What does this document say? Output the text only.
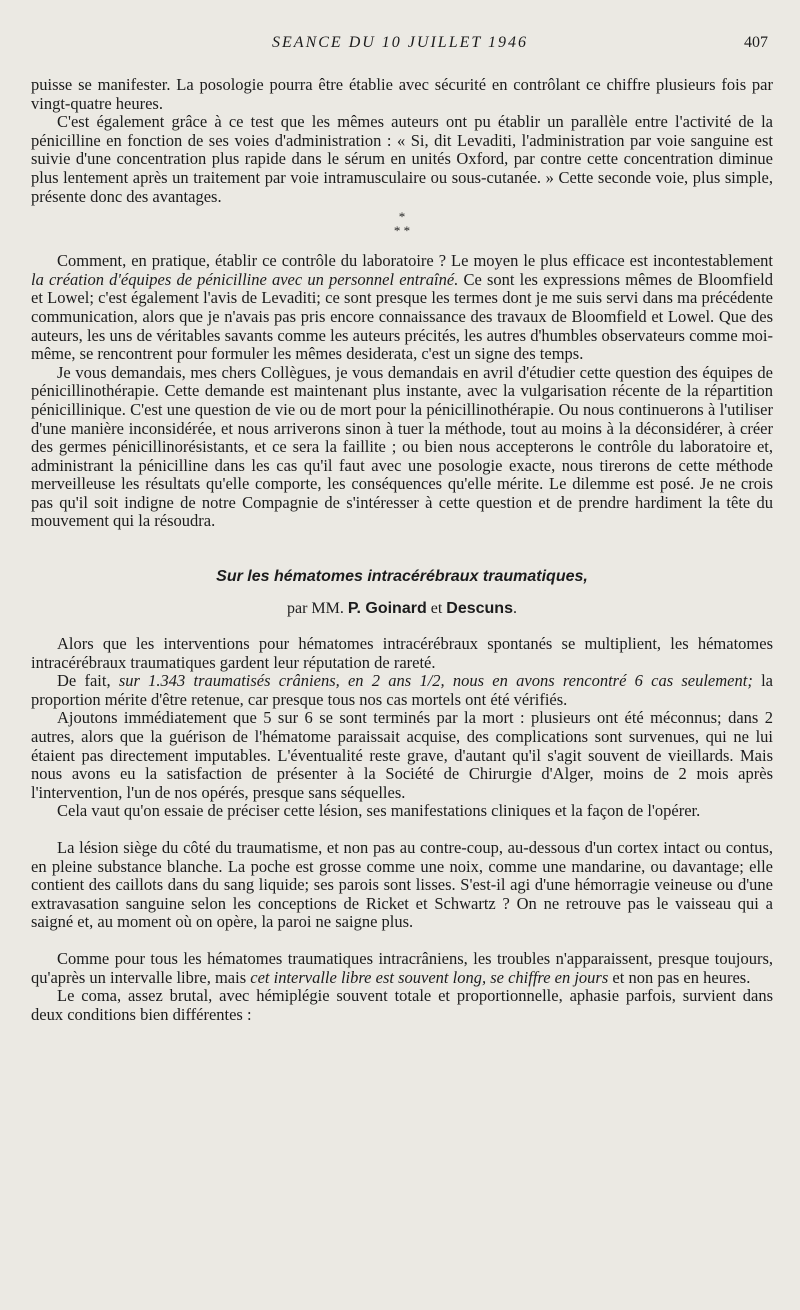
SEANCE DU 10 JUILLET 1946	407

puisse se manifester. La posologie pourra être établie avec sécurité en contrôlant ce chiffre plusieurs fois par vingt-quatre heures.

C'est également grâce à ce test que les mêmes auteurs ont pu établir un parallèle entre l'activité de la pénicilline en fonction de ses voies d'administration : « Si, dit Levaditi, l'administration par voie sanguine est suivie d'une concentration plus rapide dans le sérum en unités Oxford, par contre cette concentration diminue plus lentement après un traitement par voie intramusculaire ou sous-cutanée. » Cette seconde voie, plus simple, présente donc des avantages.

*
* *

Comment, en pratique, établir ce contrôle du laboratoire ? Le moyen le plus efficace est incontestablement la création d'équipes de pénicilline avec un personnel entraîné. Ce sont les expressions mêmes de Bloomfield et Lowel; c'est également l'avis de Levaditi; ce sont presque les termes dont je me suis servi dans ma précédente communication, alors que je n'avais pas pris encore connaissance des travaux de Bloomfield et Lowel. Que des auteurs, les uns de véritables savants comme les auteurs précités, les autres d'humbles observateurs comme moi-même, se rencontrent pour formuler les mêmes desiderata, c'est un signe des temps.

Je vous demandais, mes chers Collègues, je vous demandais en avril d'étudier cette question des équipes de pénicillinothérapie. Cette demande est maintenant plus instante, avec la vulgarisation récente de la répartition pénicillinique. C'est une question de vie ou de mort pour la pénicillinothérapie. Ou nous continuerons à l'utiliser d'une manière inconsidérée, et nous arriverons sinon à tuer la méthode, tout au moins à la déconsidérer, à créer des germes pénicillinorésistants, et ce sera la faillite ; ou bien nous accepterons le contrôle du laboratoire et, administrant la pénicilline dans les cas qu'il faut avec une posologie exacte, nous tirerons de cette méthode merveilleuse les résultats qu'elle comporte, les conséquences qu'elle mérite. Le dilemme est posé. Je ne crois pas qu'il soit indigne de notre Compagnie de s'intéresser à cette question et de prendre hardiment la tête du mouvement qui la résoudra.

Sur les hématomes intracérébraux traumatiques,
par MM. P. Goinard et Descuns.

Alors que les interventions pour hématomes intracérébraux spontanés se multiplient, les hématomes intracérébraux traumatiques gardent leur réputation de rareté.

De fait, sur 1.343 traumatisés crâniens, en 2 ans 1/2, nous en avons rencontré 6 cas seulement; la proportion mérite d'être retenue, car presque tous nos cas mortels ont été vérifiés.

Ajoutons immédiatement que 5 sur 6 se sont terminés par la mort : plusieurs ont été méconnus; dans 2 autres, alors que la guérison de l'hématome paraissait acquise, des complications sont survenues, qui ne lui étaient pas directement imputables. L'éventualité reste grave, d'autant qu'il s'agit souvent de vieillards. Mais nous avons eu la satisfaction de présenter à la Société de Chirurgie d'Alger, moins de 2 mois après l'intervention, l'un de nos opérés, presque sans séquelles.

Cela vaut qu'on essaie de préciser cette lésion, ses manifestations cliniques et la façon de l'opérer.

La lésion siège du côté du traumatisme, et non pas au contre-coup, au-dessous d'un cortex intact ou contus, en pleine substance blanche. La poche est grosse comme une noix, comme une mandarine, ou davantage; elle contient des caillots dans du sang liquide; ses parois sont lisses. S'est-il agi d'une hémorragie veineuse ou d'une extravasation sanguine selon les conceptions de Ricket et Schwartz ? On ne retrouve pas le vaisseau qui a saigné et, au moment où on opère, la paroi ne saigne plus.

Comme pour tous les hématomes traumatiques intracrâniens, les troubles n'apparaissent, presque toujours, qu'après un intervalle libre, mais cet intervalle libre est souvent long, se chiffre en jours et non pas en heures.

Le coma, assez brutal, avec hémiplégie souvent totale et proportionnelle, aphasie parfois, survient dans deux conditions bien différentes :
